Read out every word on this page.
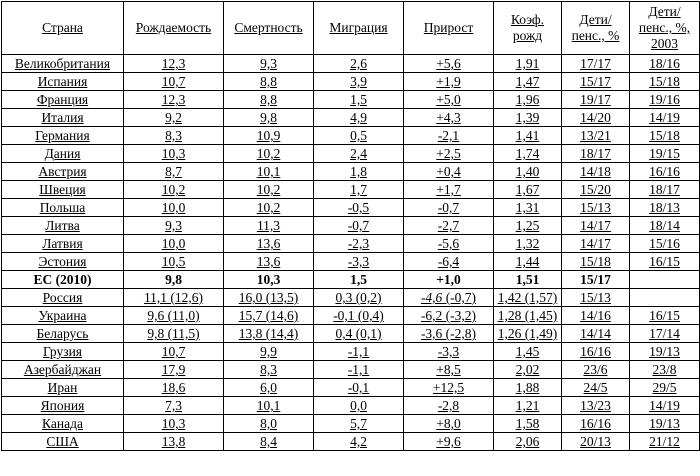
Страна	Рождаемость	Смертность	Миграция	Прирост	Коэф. рожд	Дети/ пенс., %	Дети/ пенс., %, 2003
Великобритания	12,3	9,3	2,6	+5,6	1,91	17/17	18/16
Испания	10,7	8,8	3,9	+1,9	1,47	15/17	15/18
Франция	12,3	8,8	1,5	+5,0	1,96	19/17	19/16
Италия	9,2	9,8	4,9	+4,3	1,39	14/20	14/19
Германия	8,3	10,9	0,5	-2,1	1,41	13/21	15/18
Дания	10,3	10,2	2,4	+2,5	1,74	18/17	19/15
Австрия	8,7	10,1	1,8	+0,4	1,40	14/18	16/16
Швеция	10,2	10,2	1,7	+1,7	1,67	15/20	18/17
Польша	10,0	10,2	-0,5	-0,7	1,31	15/13	18/13
Литва	9,3	11,3	-0,7	-2,7	1,25	14/17	18/14
Латвия	10,0	13,6	-2,3	-5,6	1,32	14/17	15/16
Эстония	10,5	13,6	-3,3	-6,4	1,44	15/18	16/15
ЕС (2010)	9,8	10,3	1,5	+1,0	1,51	15/17	
Россия	11,1 (12,6)	16,0 (13,5)	0,3 (0,2)	-4,6 (-0,7)	1,42 (1,57)	15/13	
Украина	9,6 (11,0)	15,7 (14,6)	-0,1 (0,4)	-6,2 (-3,2)	1,28 (1,45)	14/16	16/15
Беларусь	9,8 (11,5)	13,8 (14,4)	0,4 (0,1)	-3,6 (-2,8)	1,26 (1,49)	14/14	17/14
Грузия	10,7	9,9	-1,1	-3,3	1,45	16/16	19/13
Азербайджан	17,9	8,3	-1,1	+8,5	2,02	23/6	23/8
Иран	18,6	6,0	-0,1	+12,5	1,88	24/5	29/5
Япония	7,3	10,1	0,0	-2,8	1,21	13/23	14/19
Канада	10,3	8,0	5,7	+8,0	1,58	16/16	19/13
США	13,8	8,4	4,2	+9,6	2,06	20/13	21/12
